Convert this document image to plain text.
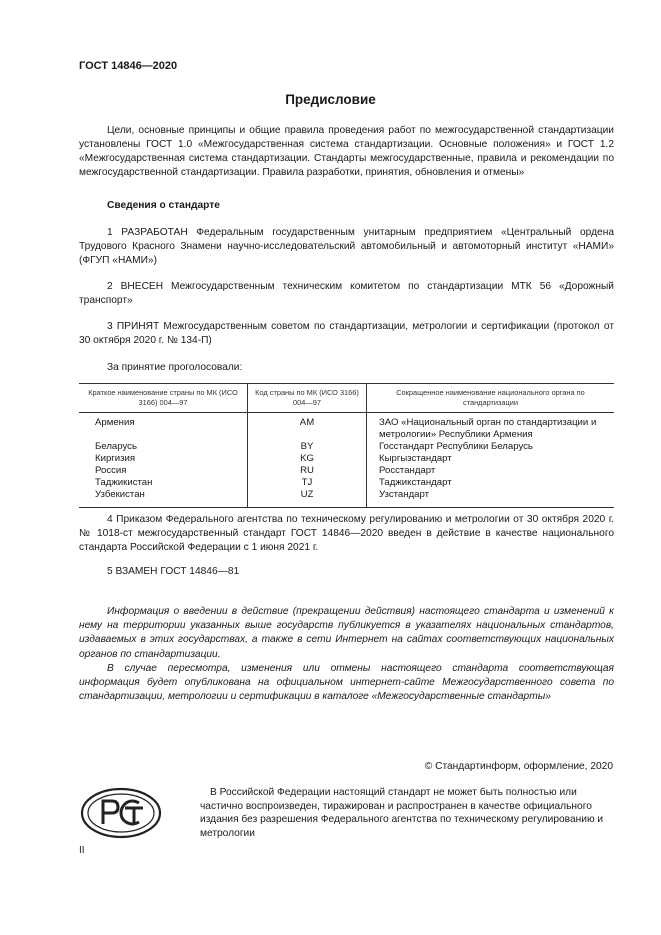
ГОСТ 14846—2020
Предисловие

Цели, основные принципы и общие правила проведения работ по межгосударственной стандартизации установлены ГОСТ 1.0 «Межгосударственная система стандартизации. Основные положения» и ГОСТ 1.2 «Межгосударственная система стандартизации. Стандарты межгосударственные, правила и рекомендации по межгосударственной стандартизации. Правила разработки, принятия, обновления и отмены»

Сведения о стандарте

1 РАЗРАБОТАН Федеральным государственным унитарным предприятием «Центральный ордена Трудового Красного Знамени научно-исследовательский автомобильный и автомоторный институт «НАМИ» (ФГУП «НАМИ»)

2 ВНЕСЕН Межгосударственным техническим комитетом по стандартизации МТК 56 «Дорожный транспорт»

3 ПРИНЯТ Межгосударственным советом по стандартизации, метрологии и сертификации (протокол от 30 октября 2020 г. № 134-П)

За принятие проголосовали:
Краткое наименование страны по МК (ИСО 3166) 004—97	Код страны по МК (ИСО 3166) 004—97	Сокращенное наименование национального органа по стандартизации
Армения	AM	ЗАО «Национальный орган по стандартизации и метрологии» Республики Армения
Беларусь	BY	Госстандарт Республики Беларусь
Киргизия	KG	Кыргызстандарт
Россия	RU	Росстандарт
Таджикистан	TJ	Таджикстандарт
Узбекистан	UZ	Узстандарт

4 Приказом Федерального агентства по техническому регулированию и метрологии от 30 октября 2020 г. № 1018-ст межгосударственный стандарт ГОСТ 14846—2020 введен в действие в качестве национального стандарта Российской Федерации с 1 июня 2021 г.

5 ВЗАМЕН ГОСТ 14846—81

Информация о введении в действие (прекращении действия) настоящего стандарта и изменений к нему на территории указанных выше государств публикуется в указателях национальных стандартов, издаваемых в этих государствах, а также в сети Интернет на сайтах соответствующих национальных органов по стандартизации.

В случае пересмотра, изменения или отмены настоящего стандарта соответствующая информация будет опубликована на официальном интернет-сайте Межгосударственного совета по стандартизации, метрологии и сертификации в каталоге «Межгосударственные стандарты»

© Стандартинформ, оформление, 2020

В Российской Федерации настоящий стандарт не может быть полностью или частично воспроизведен, тиражирован и распространен в качестве официального издания без разрешения Федерального агентства по техническому регулированию и метрологии

II
